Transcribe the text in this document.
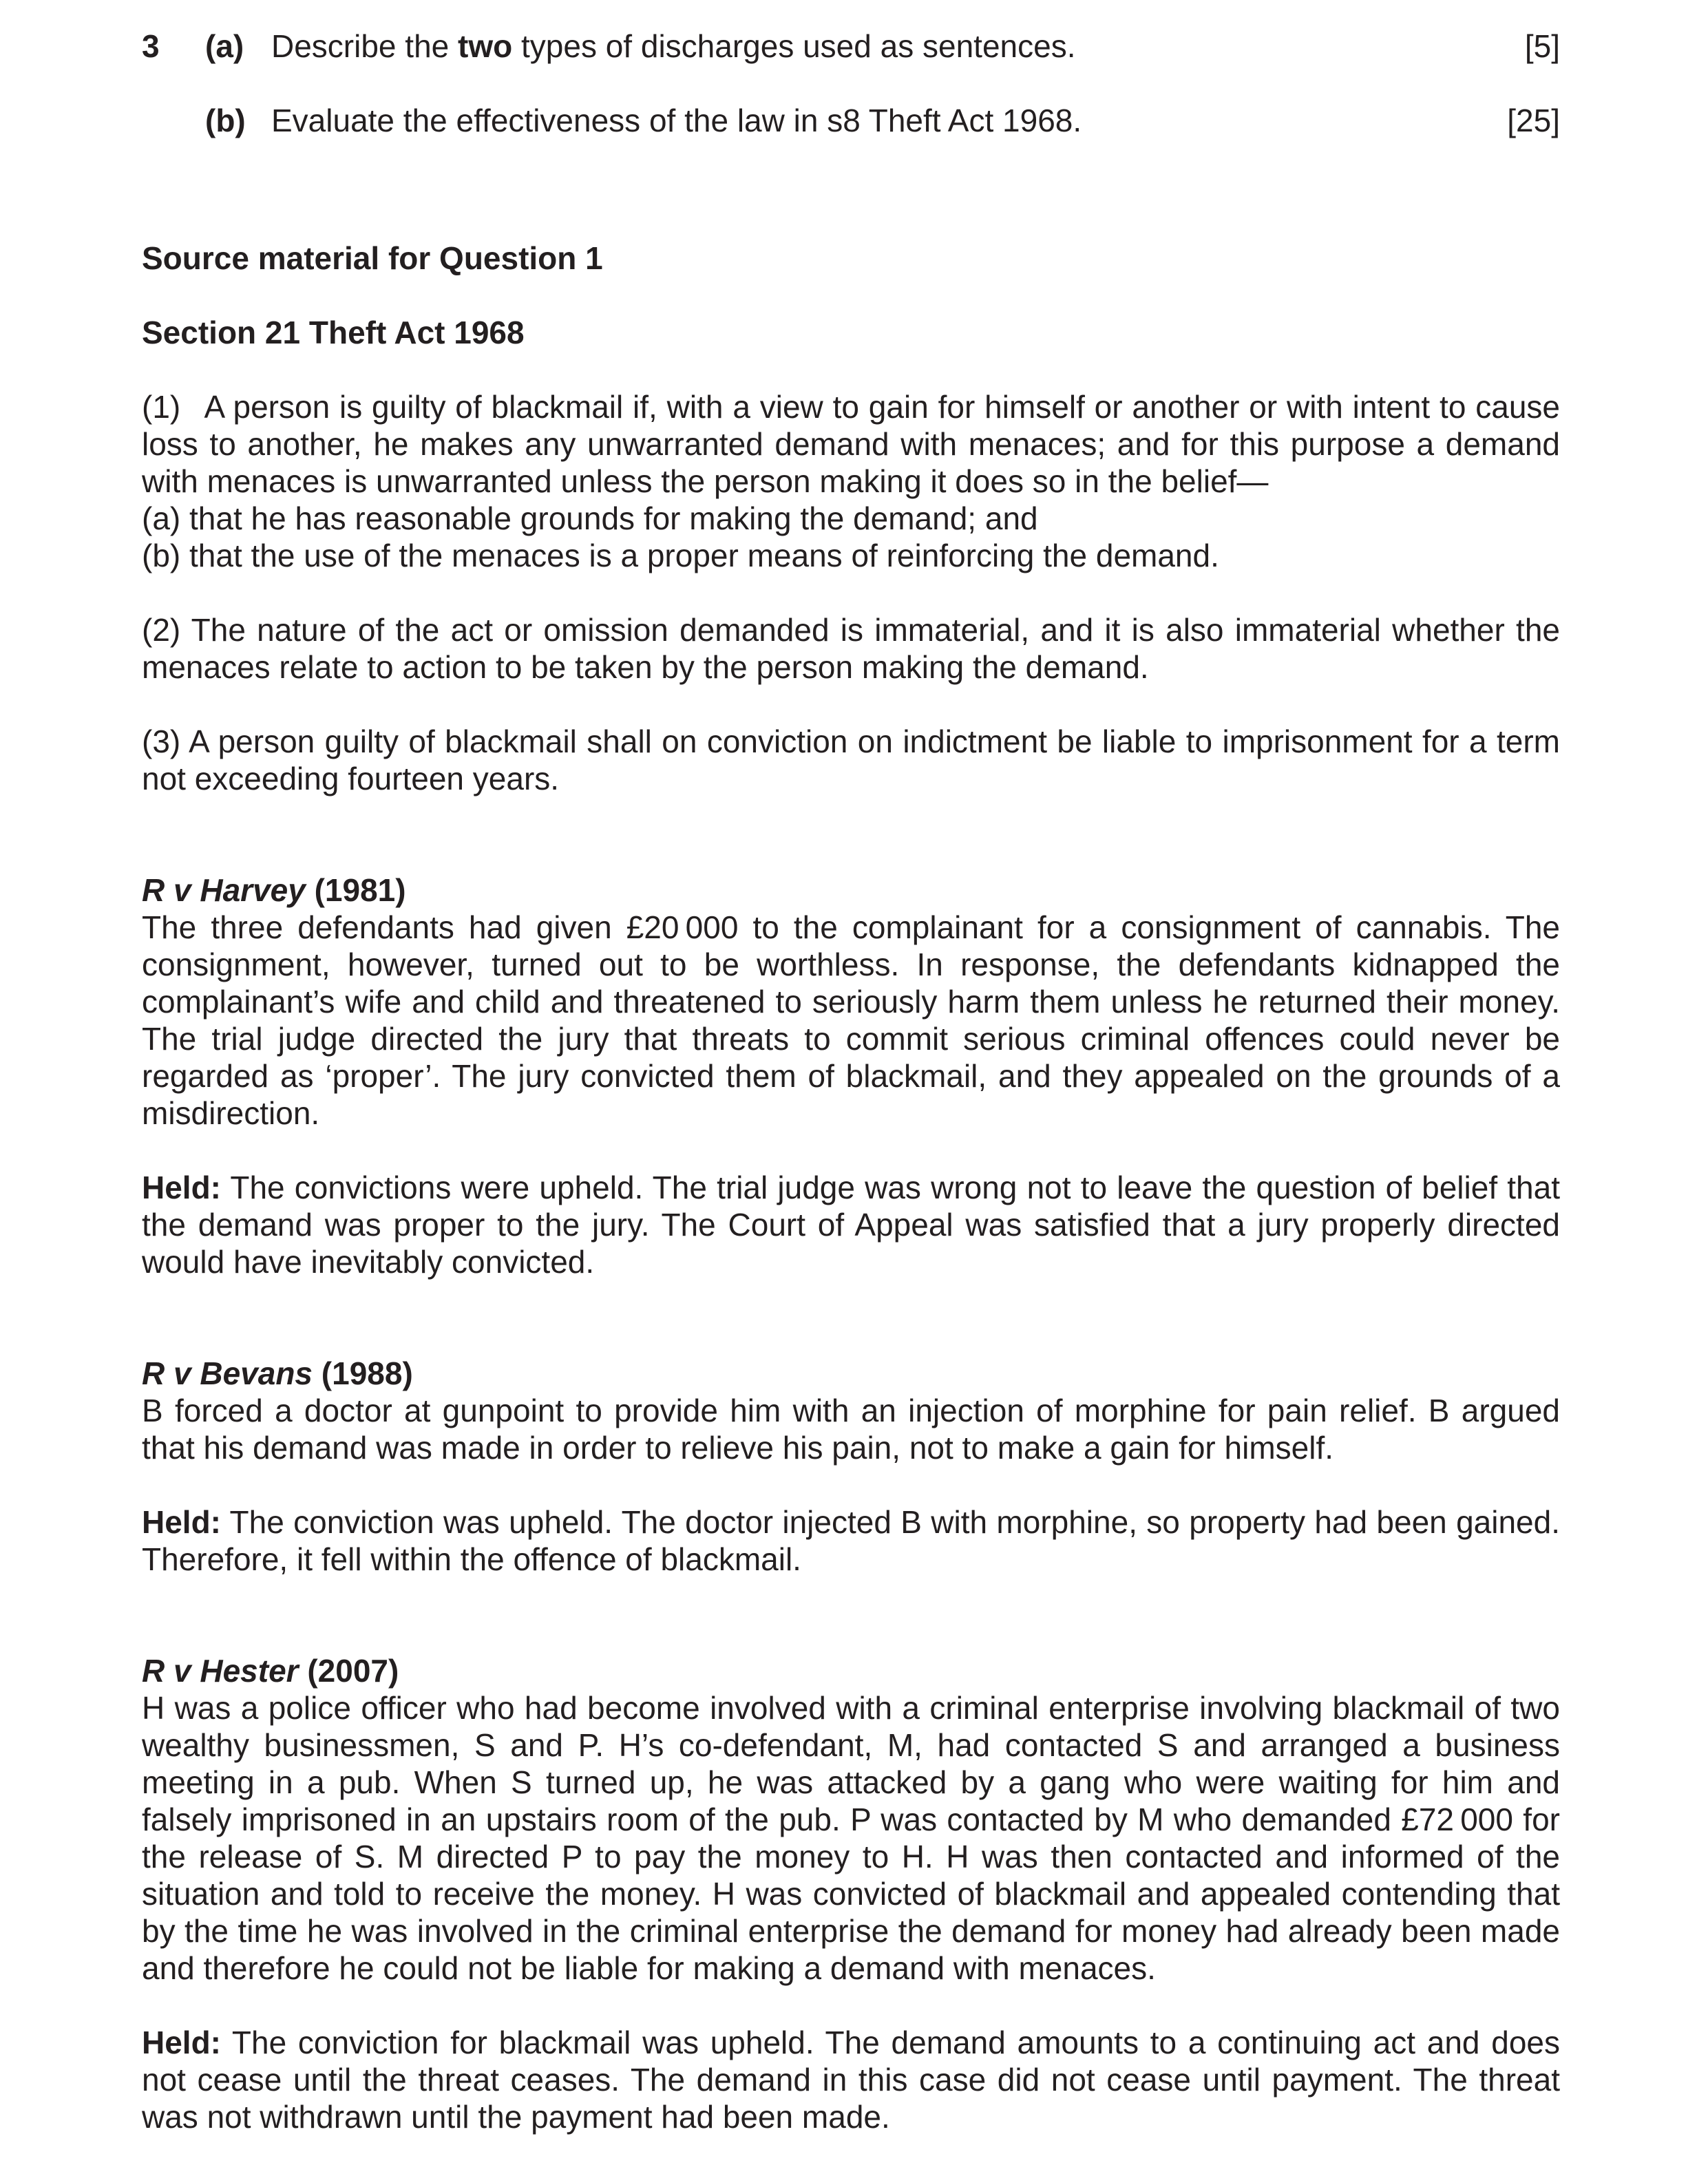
3 (a) Describe the two types of discharges used as sentences.	[5]
(b) Evaluate the effectiveness of the law in s8 Theft Act 1968.	[25]
Source material for Question 1
Section 21 Theft Act 1968

(1)  A person is guilty of blackmail if, with a view to gain for himself or another or with intent to cause loss to another, he makes any unwarranted demand with menaces; and for this purpose a demand with menaces is unwarranted unless the person making it does so in the belief—

(a) that he has reasonable grounds for making the demand; and
(b) that the use of the menaces is a proper means of reinforcing the demand.

(2) The nature of the act or omission demanded is immaterial, and it is also immaterial whether the menaces relate to action to be taken by the person making the demand.

(3) A person guilty of blackmail shall on conviction on indictment be liable to imprisonment for a term not exceeding fourteen years.

R v Harvey (1981)

The three defendants had given £20 000 to the complainant for a consignment of cannabis. The consignment, however, turned out to be worthless. In response, the defendants kidnapped the complainant’s wife and child and threatened to seriously harm them unless he returned their money. The trial judge directed the jury that threats to commit serious criminal offences could never be regarded as ‘proper’. The jury convicted them of blackmail, and they appealed on the grounds of a misdirection.

Held: The convictions were upheld. The trial judge was wrong not to leave the question of belief that the demand was proper to the jury. The Court of Appeal was satisfied that a jury properly directed would have inevitably convicted.

R v Bevans (1988)

B forced a doctor at gunpoint to provide him with an injection of morphine for pain relief. B argued that his demand was made in order to relieve his pain, not to make a gain for himself.

Held: The conviction was upheld. The doctor injected B with morphine, so property had been gained. Therefore, it fell within the offence of blackmail.

R v Hester (2007)

H was a police officer who had become involved with a criminal enterprise involving blackmail of two wealthy businessmen, S and P. H’s co-defendant, M, had contacted S and arranged a business meeting in a pub. When S turned up, he was attacked by a gang who were waiting for him and falsely imprisoned in an upstairs room of the pub. P was contacted by M who demanded £72 000 for the release of S. M directed P to pay the money to H. H was then contacted and informed of the situation and told to receive the money. H was convicted of blackmail and appealed contending that by the time he was involved in the criminal enterprise the demand for money had already been made and therefore he could not be liable for making a demand with menaces.

Held: The conviction for blackmail was upheld. The demand amounts to a continuing act and does not cease until the threat ceases. The demand in this case did not cease until payment. The threat was not withdrawn until the payment had been made.
